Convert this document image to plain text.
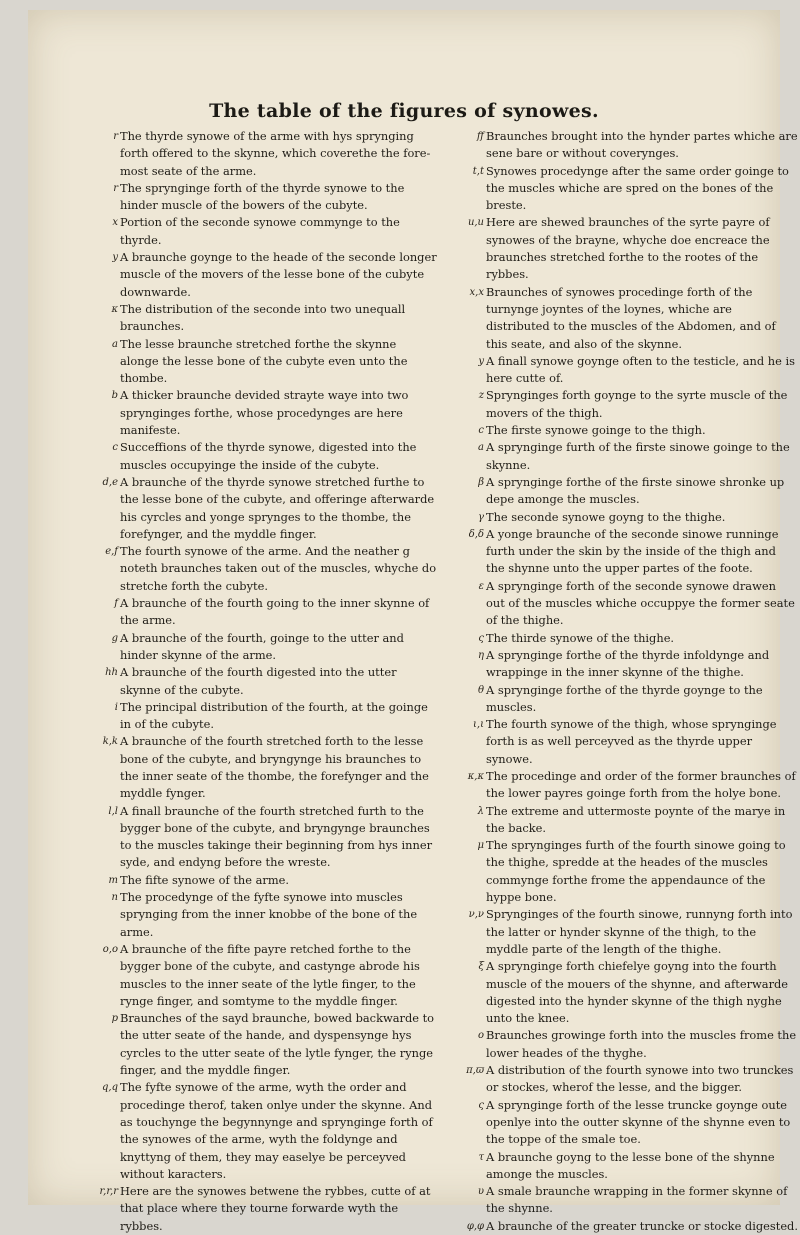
The table of the figures of synowes.

r The thyrde synowe of the arme with hys sprynging forth offered to the skynne, which coverethe the fore-most seate of the arme.

r The sprynginge forth of the thyrde synowe to the hinder muscle of the bowers of the cubyte.

x Portion of the seconde synowe commynge to the thyrde.

y A braunche goynge to the heade of the seconde longer muscle of the movers of the lesse bone of the cubyte downwarde.

κ The distribution of the seconde into two unequall braunches.

a The lesse braunche stretched forthe the skynne alonge the lesse bone of the cubyte even unto the thombe.

b A thicker braunche devided strayte waye into two sprynginges forthe, whose procedynges are here manifeste.

c Succeffions of the thyrde synowe, digested into the muscles occupyinge the inside of the cubyte.

d,e A braunche of the thyrde synowe stretched furthe to the lesse bone of the cubyte, and offeringe afterwarde his cyrcles and yonge sprynges to the thombe, the forefynger, and the myddle finger.

e,f The fourth synowe of the arme. And the neather g noteth braunches taken out of the muscles, whyche do stretche forth the cubyte.

f A braunche of the fourth going to the inner skynne of the arme.

g A braunche of the fourth, goinge to the utter and hinder skynne of the arme.

hh A braunche of the fourth digested into the utter skynne of the cubyte.

i The principal distribution of the fourth, at the goinge in of the cubyte.

k,k A braunche of the fourth stretched forth to the lesse bone of the cubyte, and bryngynge his braunches to the inner seate of the thombe, the forefynger and the myddle fynger.

l,l A finall braunche of the fourth stretched furth to the bygger bone of the cubyte, and bryngynge braunches to the muscles takinge their beginning from hys inner syde, and endyng before the wreste.

m The fifte synowe of the arme.

n The procedynge of the fyfte synowe into muscles sprynging from the inner knobbe of the bone of the arme.

o,o A braunche of the fifte payre retched forthe to the bygger bone of the cubyte, and castynge abrode his muscles to the inner seate of the lytle finger, to the rynge finger, and somtyme to the myddle finger.

p Braunches of the sayd braunche, bowed backwarde to the utter seate of the hande, and dyspensynge hys cyrcles to the utter seate of the lytle fynger, the rynge finger, and the myddle finger.

q,q The fyfte synowe of the arme, wyth the order and procedinge therof, taken onlye under the skynne. And as touchynge the begynnynge and sprynginge forth of the synowes of the arme, wyth the foldynge and knyttyng of them, they may easelye be perceyved without karacters.

r,r,r Here are the synowes betwene the rybbes, cutte of at that place where they tourne forwarde wyth the rybbes.

ff Braunches brought into the hynder partes whiche are sene bare or without coverynges.

t,t Synowes procedynge after the same order goinge to the muscles whiche are spred on the bones of the breste.

u,u Here are shewed braunches of the syrte payre of synowes of the brayne, whyche doe encreace the braunches stretched forthe to the rootes of the rybbes.

x,x Braunches of synowes procedinge forth of the turnynge joyntes of the loynes, whiche are distributed to the muscles of the Abdomen, and of this seate, and also of the skynne.

y A finall synowe goynge often to the testicle, and he is here cutte of.

z Sprynginges forth goynge to the syrte muscle of the movers of the thigh.

c The firste synowe goinge to the thigh.

a A sprynginge furth of the firste sinowe goinge to the skynne.

β A sprynginge forthe of the firste sinowe shronke up depe amonge the muscles.

γ The seconde synowe goyng to the thighe.

δ,δ A yonge braunche of the seconde sinowe runninge furth under the skin by the inside of the thigh and the shynne unto the upper partes of the foote.

ε A sprynginge forth of the seconde synowe drawen out of the muscles whiche occuppye the former seate of the thighe.

ς The thirde synowe of the thighe.

η A sprynginge forthe of the thyrde infoldynge and wrappinge in the inner skynne of the thighe.

θ A sprynginge forthe of the thyrde goynge to the muscles.

ι,ι The fourth synowe of the thigh, whose sprynginge forth is as well perceyved as the thyrde upper synowe.

κ,κ The procedinge and order of the former braunches of the lower payres goinge forth from the holye bone.

λ The extreme and uttermoste poynte of the marye in the backe.

μ The sprynginges furth of the fourth sinowe going to the thighe, spredde at the heades of the muscles commynge forthe frome the appendaunce of the hyppe bone.

ν,ν Sprynginges of the fourth sinowe, runnyng forth into the latter or hynder skynne of the thigh, to the myddle parte of the length of the thighe.

ξ A sprynginge forth chiefelye goyng into the fourth muscle of the mouers of the shynne, and afterwarde digested into the hynder skynne of the thigh nyghe unto the knee.

ο Braunches growinge forth into the muscles frome the lower heades of the thyghe.

π,ϖ A distribution of the fourth synowe into two trunckes or stockes, wherof the lesse, and the bigger.

ς A sprynginge forth of the lesse truncke goynge oute openlye into the outter skynne of the shynne even to the toppe of the smale toe.

τ A braunche goyng to the lesse bone of the shynne amonge the muscles.

υ A smale braunche wrapping in the former skynne of the shynne.

φ,φ A braunche of the greater truncke or stocke digested.
